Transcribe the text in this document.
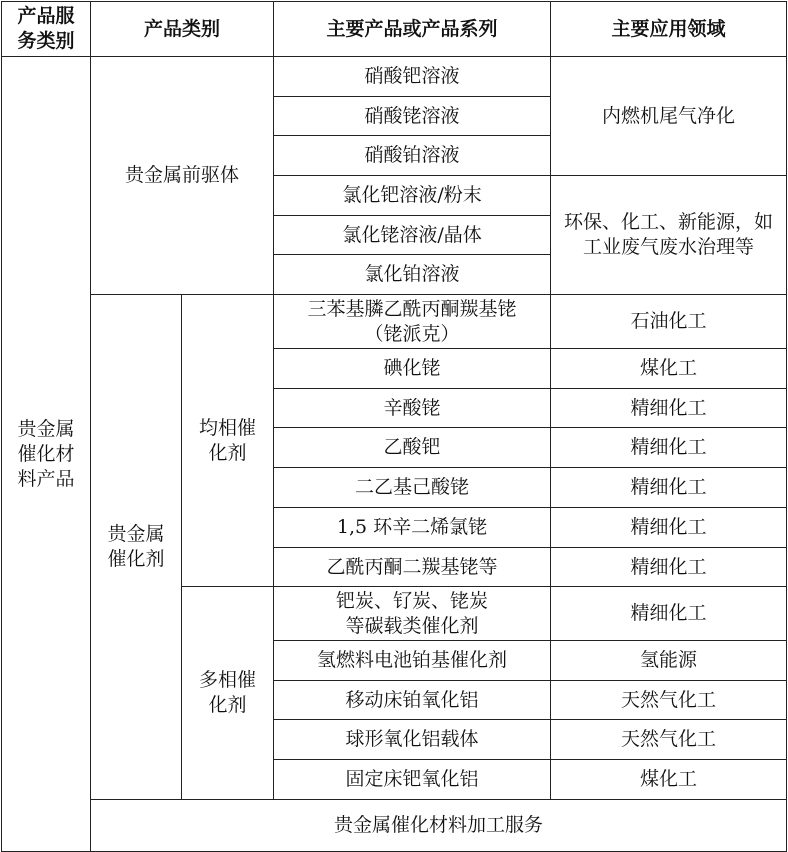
产品服务类别	产品类别		主要产品或产品系列	主要应用领域	
贵金属催化材料产品	贵金属前驱体		硝酸钯溶液	内燃机尾气净化	
			硝酸铑溶液		
			硝酸铂溶液		
			氯化钯溶液/粉末	环保、化工、新能源，如工业废气废水治理等	
			氯化铑溶液/晶体		
			氯化铂溶液		
	贵金属催化剂	均相催化剂	三苯基膦乙酰丙酮羰基铑（铑派克）	石油化工	
			碘化铑	煤化工	
			辛酸铑	精细化工	
			乙酸钯	精细化工	
			二乙基己酸铑	精细化工	
			1,5 环辛二烯氯铑	精细化工	
			乙酰丙酮二羰基铑等	精细化工	
		多相催化剂	钯炭、钌炭、铑炭等碳载类催化剂	精细化工	
			氢燃料电池铂基催化剂	氢能源	
			移动床铂氧化铝	天然气化工	
			球形氧化铝载体	天然气化工	
			固定床钯氧化铝	煤化工	
	贵金属催化材料加工服务	
